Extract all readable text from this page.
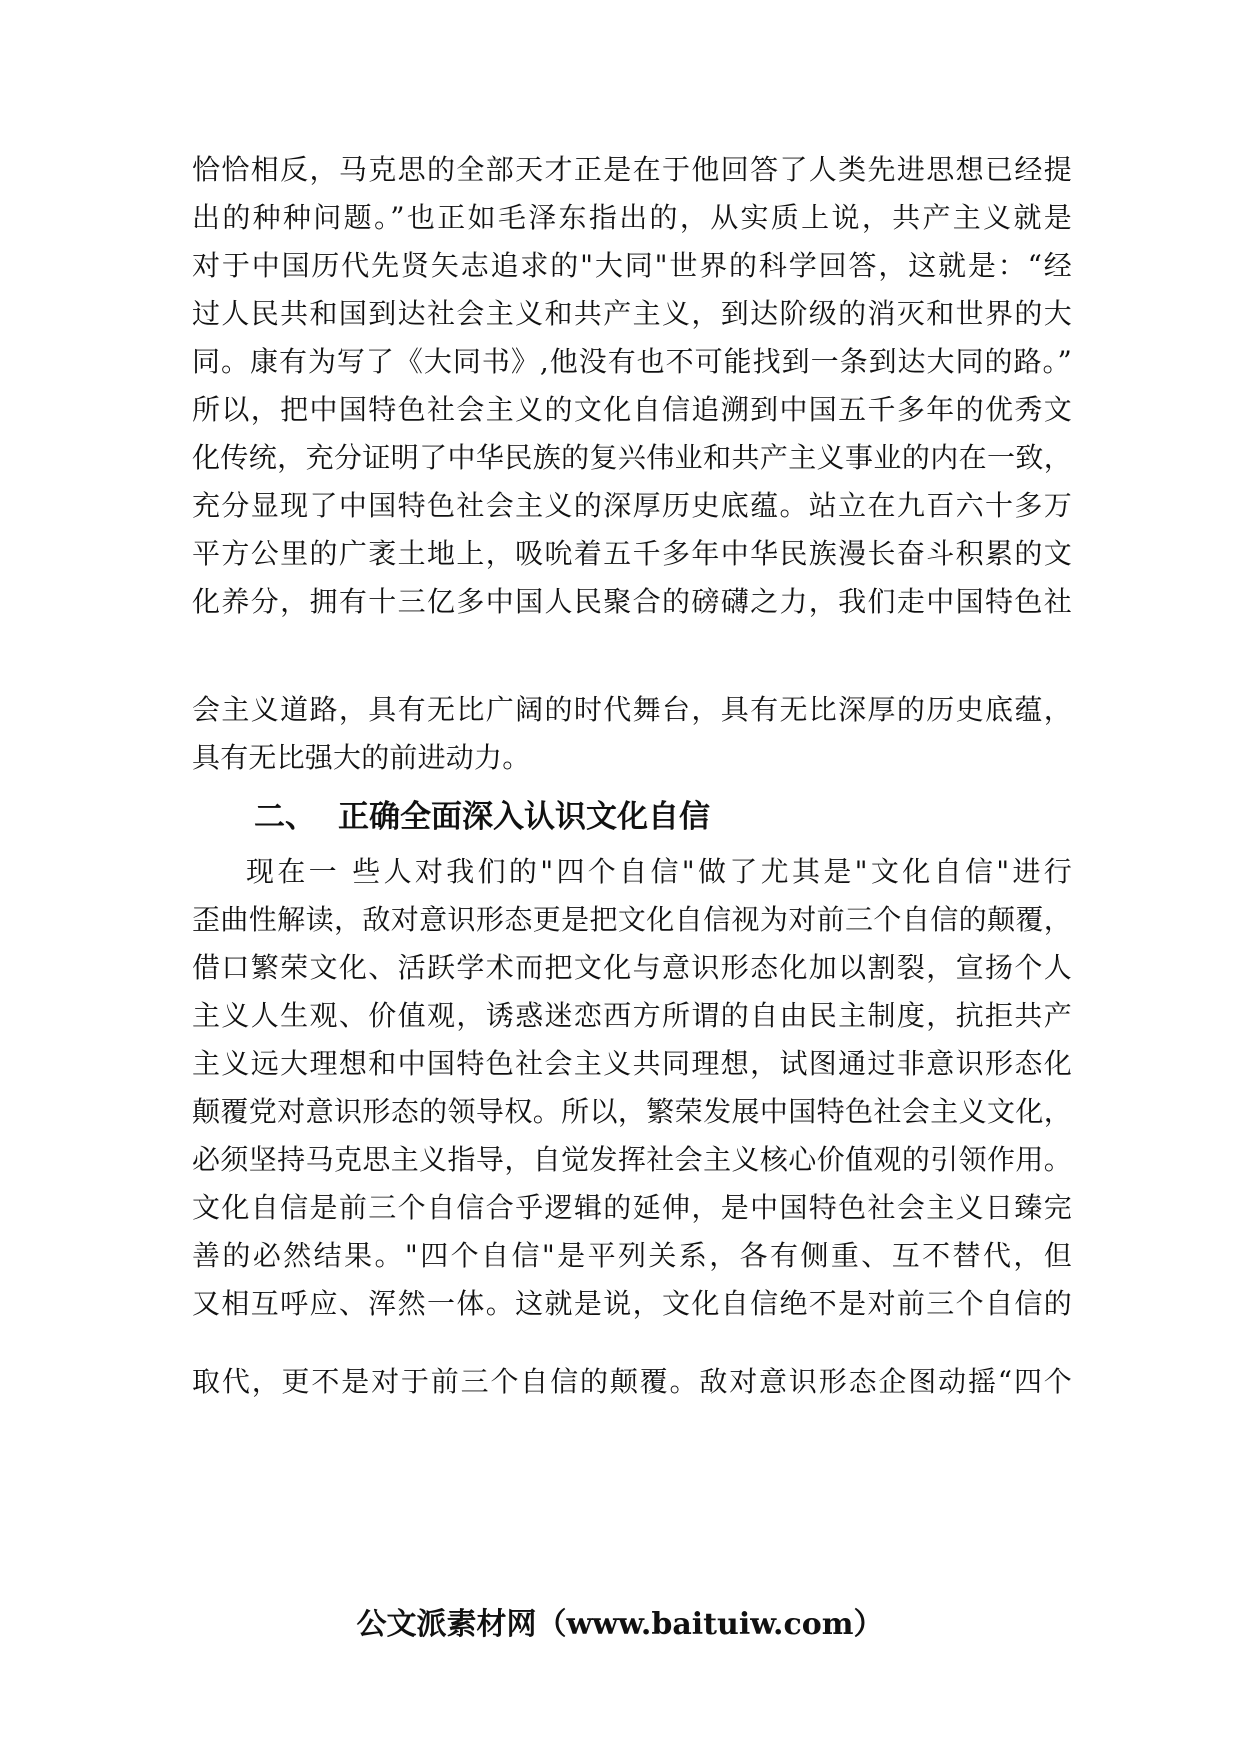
恰恰相反，马克思的全部天才正是在于他回答了人类先进思想已经提
出的种种问题。”也正如毛泽东指出的，从实质上说，共产主义就是
对于中国历代先贤矢志追求的"大同"世界的科学回答，这就是：“经
过人民共和国到达社会主义和共产主义，到达阶级的消灭和世界的大
同。康有为写了《大同书》,他没有也不可能找到一条到达大同的路。”
所以，把中国特色社会主义的文化自信追溯到中国五千多年的优秀文
化传统，充分证明了中华民族的复兴伟业和共产主义事业的内在一致，
充分显现了中国特色社会主义的深厚历史底蕴。站立在九百六十多万
平方公里的广袤土地上，吸吮着五千多年中华民族漫长奋斗积累的文
化养分，拥有十三亿多中国人民聚合的磅礴之力，我们走中国特色社
会主义道路，具有无比广阔的时代舞台，具有无比深厚的历史底蕴，
具有无比强大的前进动力。
二、 正确全面深入认识文化自信
现在一 些人对我们的"四个自信"做了尤其是"文化自信"进行
歪曲性解读，敌对意识形态更是把文化自信视为对前三个自信的颠覆，
借口繁荣文化、活跃学术而把文化与意识形态化加以割裂，宣扬个人
主义人生观、价值观，诱惑迷恋西方所谓的自由民主制度，抗拒共产
主义远大理想和中国特色社会主义共同理想，试图通过非意识形态化
颠覆党对意识形态的领导权。所以，繁荣发展中国特色社会主义文化，
必须坚持马克思主义指导，自觉发挥社会主义核心价值观的引领作用。
文化自信是前三个自信合乎逻辑的延伸，是中国特色社会主义日臻完
善的必然结果。"四个自信"是平列关系，各有侧重、互不替代，但
又相互呼应、浑然一体。这就是说，文化自信绝不是对前三个自信的
取代，更不是对于前三个自信的颠覆。敌对意识形态企图动摇“四个
公文派素材网（www.baituiw.com）
